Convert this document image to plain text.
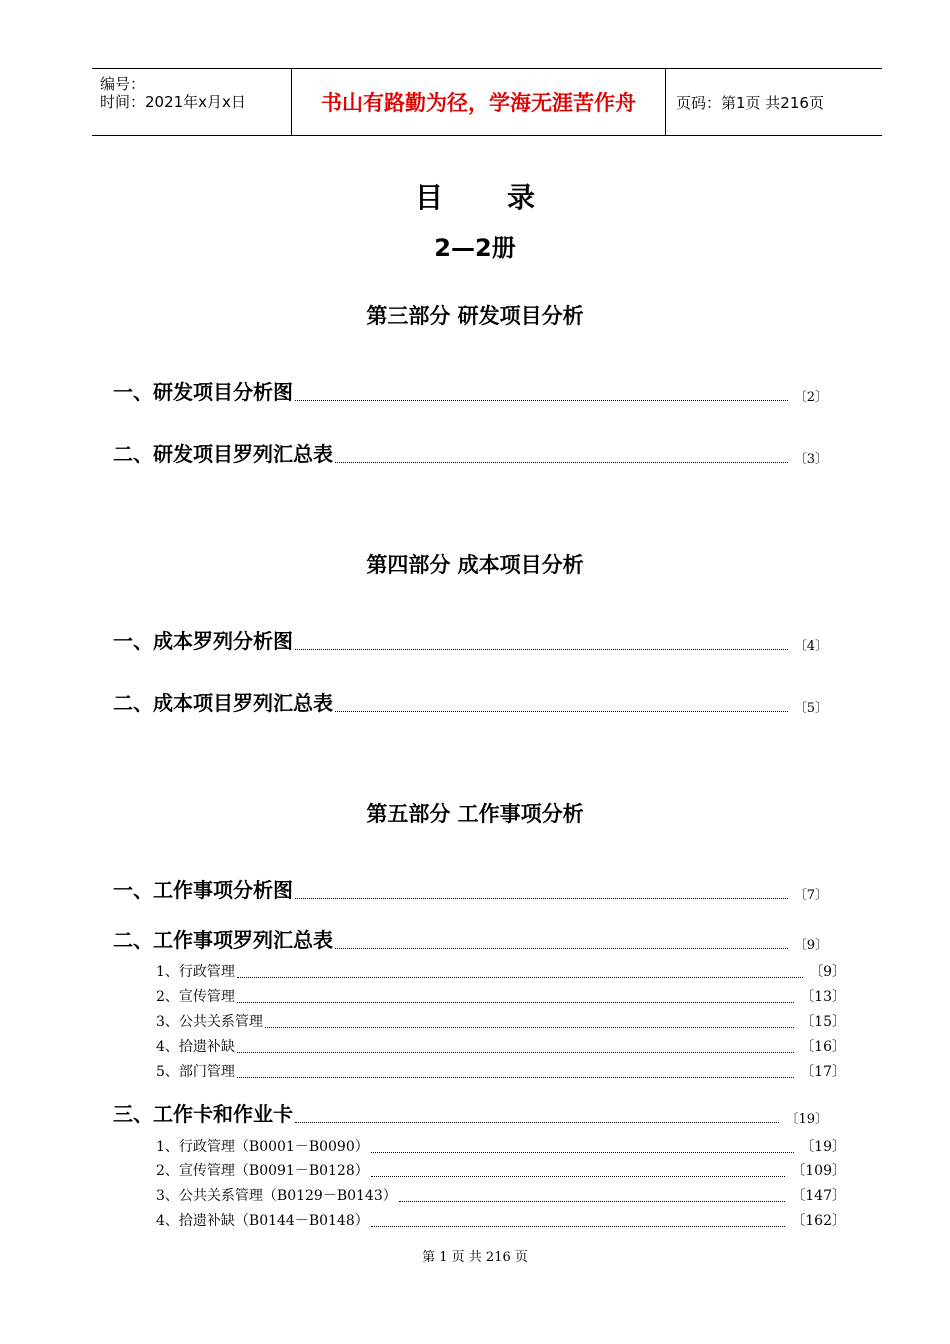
编号：
时间：2021年x月x日	书山有路勤为径，学海无涯苦作舟	页码：第1页 共216页
目 录
2—2册
第三部分 研发项目分析
一、研发项目分析图	〔2〕
二、研发项目罗列汇总表	〔3〕
第四部分 成本项目分析
一、成本罗列分析图	〔4〕
二、成本项目罗列汇总表	〔5〕
第五部分 工作事项分析
一、工作事项分析图	〔7〕
二、工作事项罗列汇总表	〔9〕
1、行政管理	〔9〕
2、宣传管理	〔13〕
3、公共关系管理	〔15〕
4、拾遗补缺	〔16〕
5、部门管理	〔17〕
三、工作卡和作业卡	〔19〕
1、行政管理（B0001－B0090）	〔19〕
2、宣传管理（B0091－B0128）	〔109〕
3、公共关系管理（B0129－B0143）	〔147〕
4、拾遗补缺（B0144－B0148）	〔162〕
第 1 页 共 216 页
